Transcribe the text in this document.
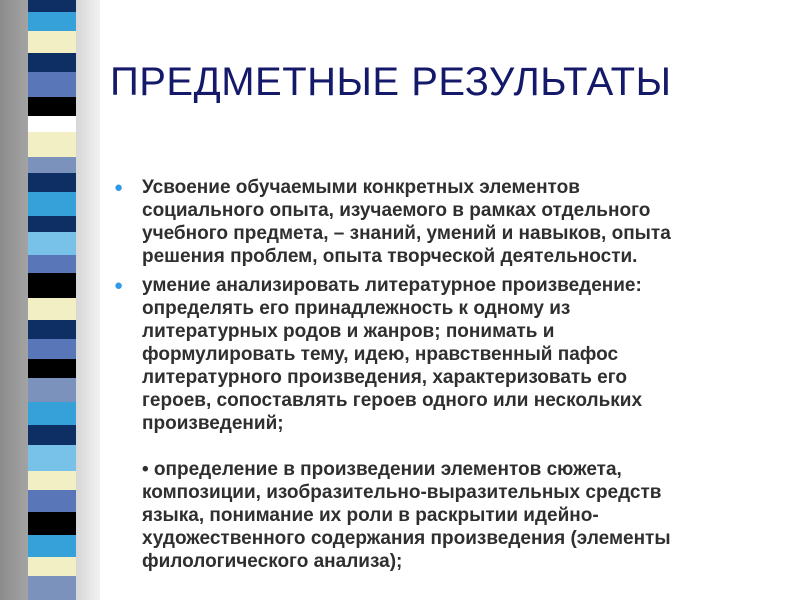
ПРЕДМЕТНЫЕ РЕЗУЛЬТАТЫ
● Усвоение обучаемыми конкретных элементов
социального опыта, изучаемого в рамках отдельного
учебного предмета, – знаний, умений и навыков, опыта
решения проблем, опыта творческой деятельности.
● умение анализировать литературное произведение:
определять его принадлежность к одному из
литературных родов и жанров; понимать и
формулировать тему, идею, нравственный пафос
литературного произведения, характеризовать его
героев, сопоставлять героев одного или нескольких
произведений;
• определение в произведении элементов сюжета,
композиции, изобразительно-выразительных средств
языка, понимание их роли в раскрытии идейно-
художественного содержания произведения (элементы
филологического анализа);
